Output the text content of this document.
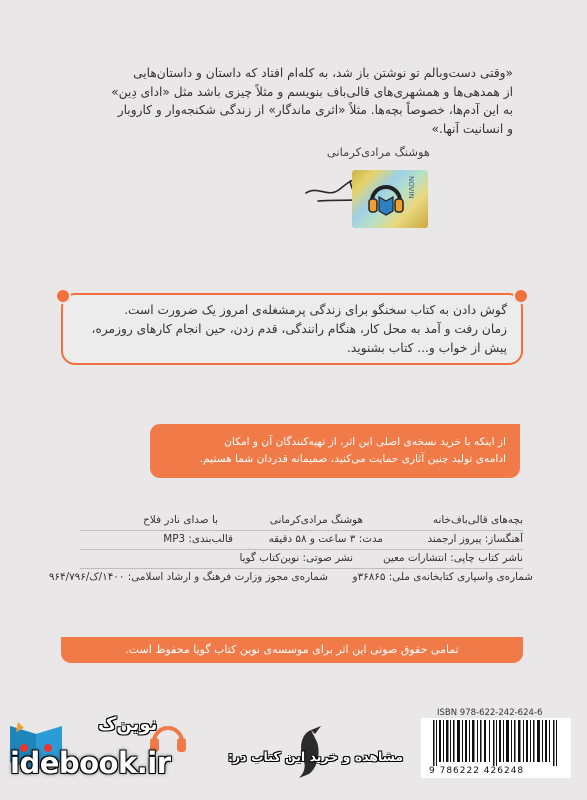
«وقتی دست‌وبالم تو نوشتن باز شد، به کله‌ام افتاد که داستان و داستان‌هایی
از همدهی‌ها و همشهری‌های قالی‌باف بنویسم و مثلاً چیزی باشد مثل «ادای دِین»
به این آدم‌ها، خصوصاً بچه‌ها. مثلاً «اثری ماندگار» از زندگی شکنجه‌وار و کاروبار
و انسانیت آنها.»
هوشنگ مرادی‌کرمانی
NOVIN
گوش دادن به کتاب سخنگو برای زندگی پرمشغله‌ی امروز یک ضرورت است.
زمان رفت و آمد به محل کار، هنگام رانندگی، قدم زدن، حین انجام کارهای روزمره،
پیش از خواب و... کتاب بشنوید.
از اینکه با خرید نسخه‌ی اصلی این اثر، از تهیه‌کنندگان آن و امکان
ادامه‌ی تولید چنین آثاری حمایت می‌کنید، صمیمانه قدردان شما هستیم.
بچه‌های قالی‌باف‌خانه
هوشنگ مرادی‌کرمانی
با صدای نادر فلاح
آهنگساز: پیروز ارجمند
مدت: ۳ ساعت و ۵۸ دقیقه
قالب‌بندی: MP3
ناشر کتاب چاپی: انتشارات معین
نشر صوتی: نوین‌کتاب گویا
شماره‌ی واسپاری کتابخانه‌ی ملی: ۳۶۸۶۵و
شماره‌ی مجوز وزارت فرهنگ و ارشاد اسلامی: ۱۴۰۰/ک/۹۶۴/۷۹۶
تمامی حقوق صوتی این اثر برای موسسه‌ی نوین کتاب گویا محفوظ است.
ISBN 978-622-242-624-6
9 786222 426248
نوین‌ک
مشاهده و خرید این کتاب در:
idebook.ir
